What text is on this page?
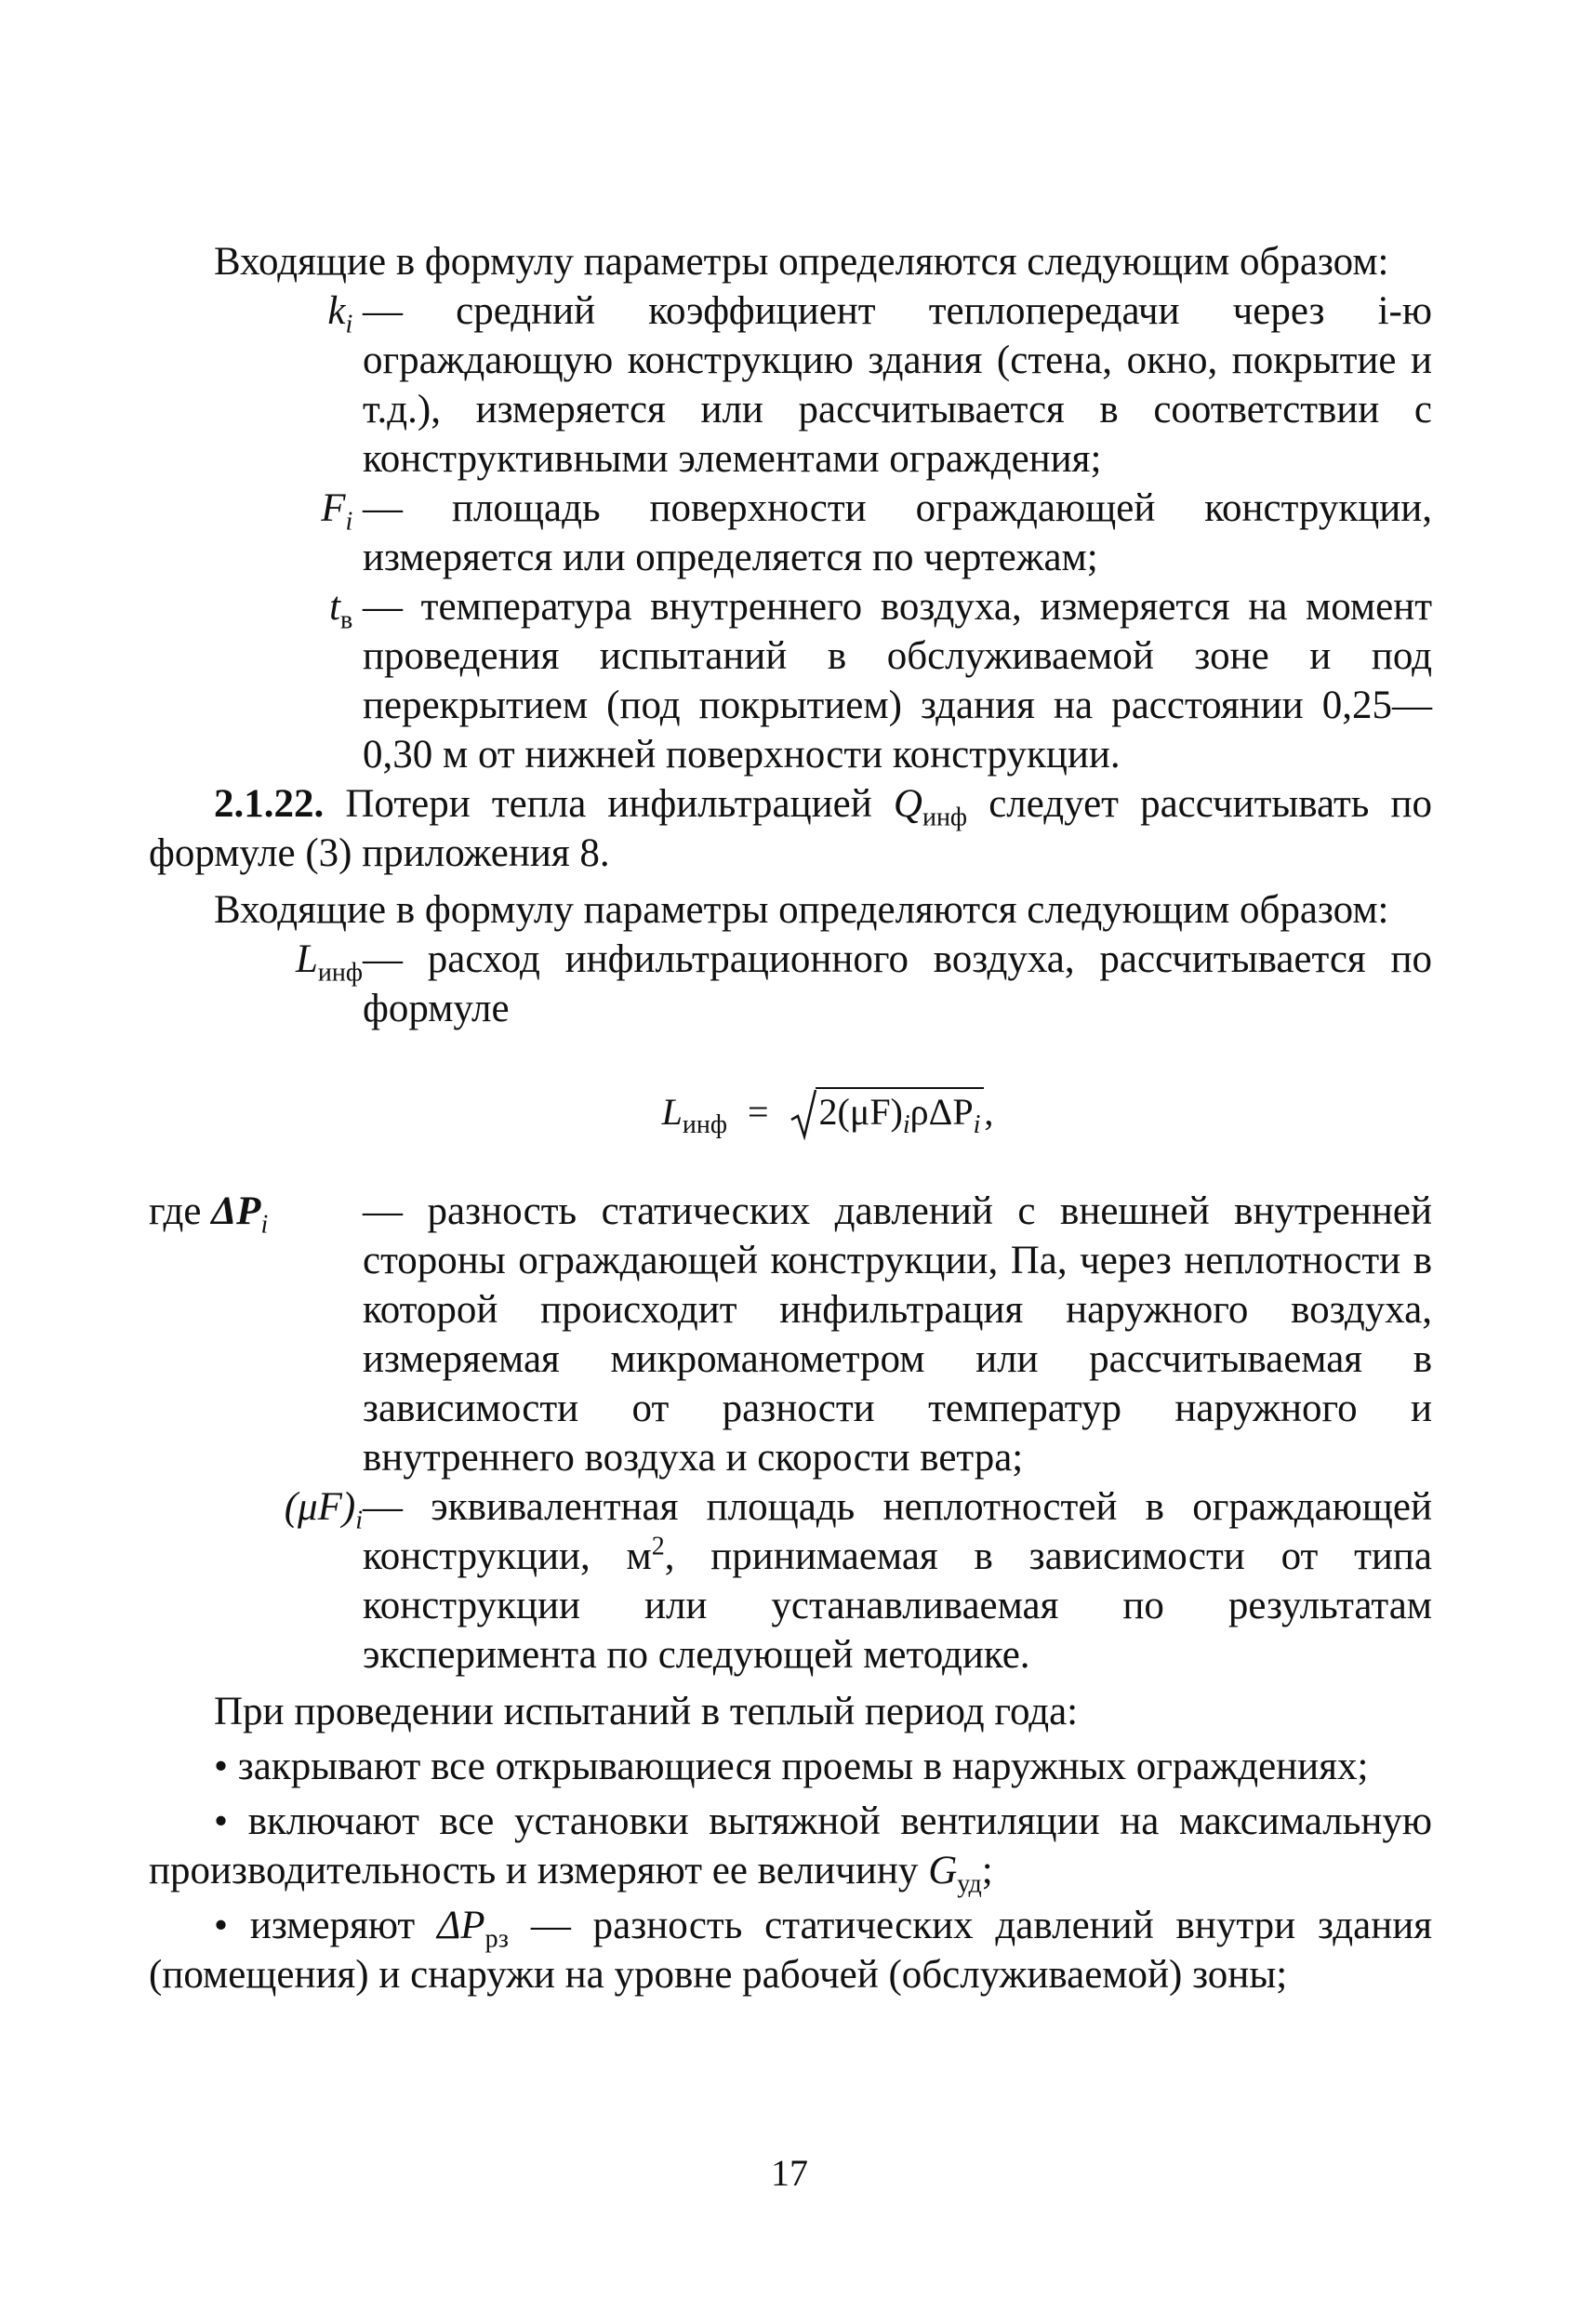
Входящие в формулу параметры определяются следующим образом:

$k_i$ — средний коэффициент теплопередачи через i-ю ограждающую конструкцию здания (стена, окно, покрытие и т.д.), измеряется или рассчитывается в соответствии с конструктивными элементами ограждения;
$F_i$ — площадь поверхности ограждающей конструкции, измеряется или определяется по чертежам;
$t_в$ — температура внутреннего воздуха, измеряется на момент проведения испытаний в обслуживаемой зоне и под перекрытием (под покрытием) здания на расстоянии 0,25—0,30 м от нижней поверхности конструкции.

2.1.22. Потери тепла инфильтрацией $Q_{инф}$ следует рассчитывать по формуле (3) приложения 8.

Входящие в формулу параметры определяются следующим образом:

$L_{инф}$ — расход инфильтрационного воздуха, рассчитывается по формуле
$L_{инф} = 2(\mu F)_i\rho\Delta P_i$ ,
где $\Delta P_i$	— разность статических давлений с внешней внутренней стороны ограждающей конструкции, Па, через неплотности в которой происходит инфильтрация наружного воздуха, измеряемая микроманометром или рассчитываемая в зависимости от разности температур наружного и внутреннего воздуха и скорости ветра;
$(\mu F)_i$ — эквивалентная площадь неплотностей в ограждающей конструкции, $м^2$, принимаемая в зависимости от типа конструкции или устанавливаемая по результатам эксперимента по следующей методике.

При проведении испытаний в теплый период года:

• закрывают все открывающиеся проемы в наружных ограждениях;

• включают все установки вытяжной вентиляции на максимальную производительность и измеряют ее величину $G_{уд}$;

• измеряют $\Delta P_{рз}$ — разность статических давлений внутри здания (помещения) и снаружи на уровне рабочей (обслуживаемой) зоны;

17
